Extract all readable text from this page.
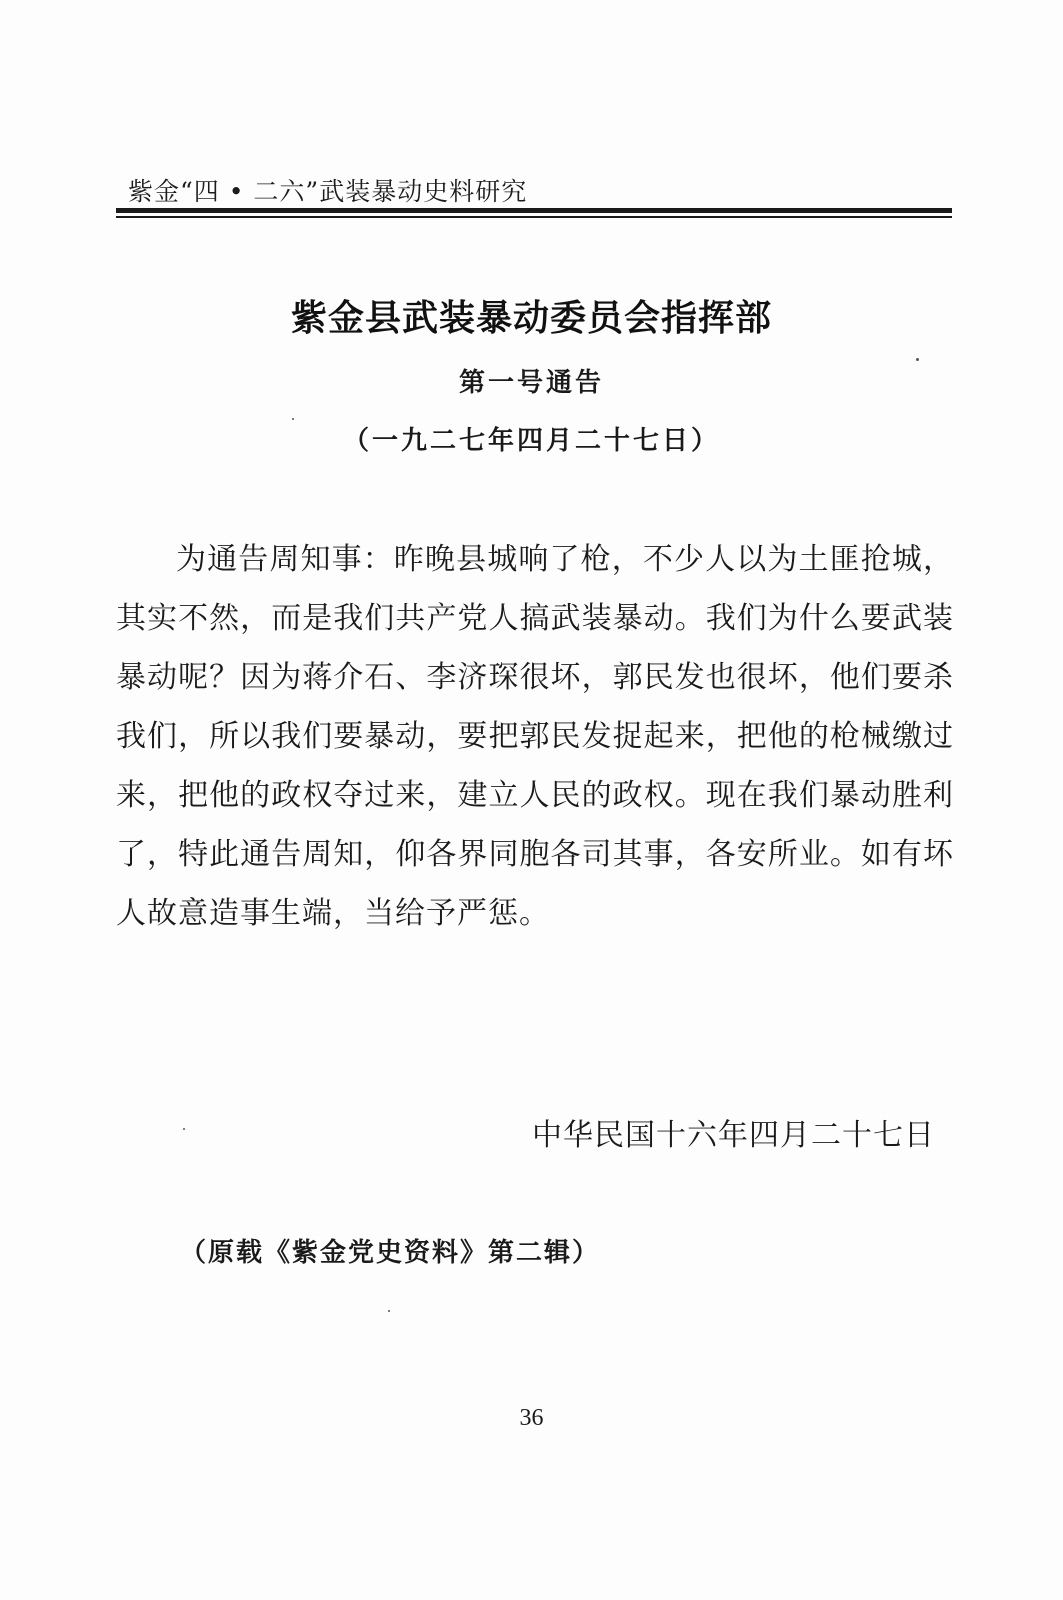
紫金“四 • 二六”武装暴动史料研究
紫金县武装暴动委员会指挥部
第一号通告
（一九二七年四月二十七日）

为通告周知事：昨晚县城响了枪，不少人以为土匪抢城，其实不然，而是我们共产党人搞武装暴动。我们为什么要武装暴动呢？因为蒋介石、李济琛很坏，郭民发也很坏，他们要杀我们，所以我们要暴动，要把郭民发捉起来，把他的枪械缴过来，把他的政权夺过来，建立人民的政权。现在我们暴动胜利了，特此通告周知，仰各界同胞各司其事，各安所业。如有坏人故意造事生端，当给予严惩。

中华民国十六年四月二十七日
（原载《紫金党史资料》第二辑）
36
